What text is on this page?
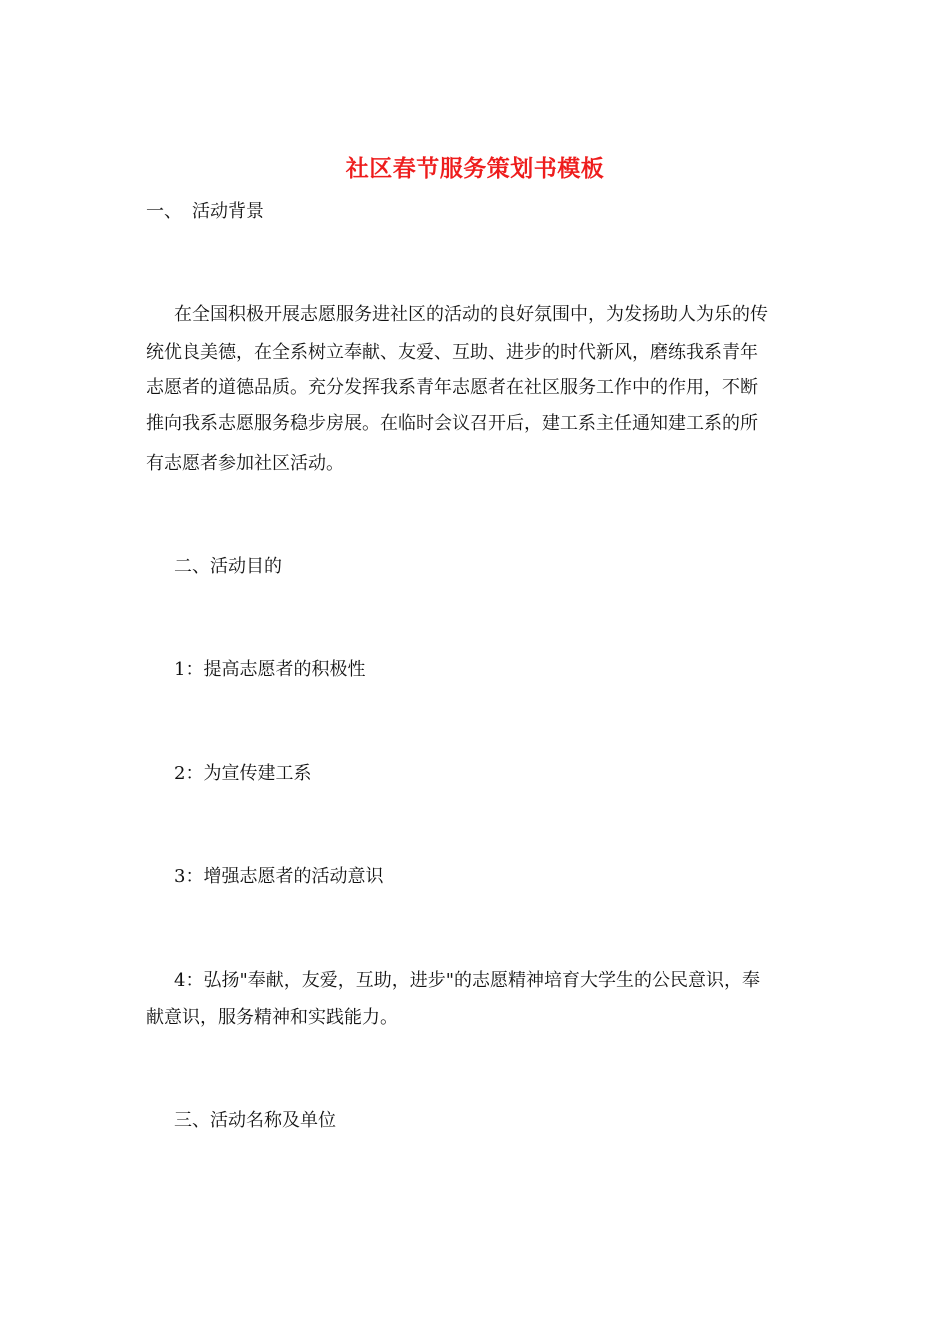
社区春节服务策划书模板
一、 活动背景
在全国积极开展志愿服务进社区的活动的良好氛围中，为发扬助人为乐的传
统优良美德，在全系树立奉献、友爱、互助、进步的时代新风，磨练我系青年
志愿者的道德品质。充分发挥我系青年志愿者在社区服务工作中的作用，不断
推向我系志愿服务稳步房展。在临时会议召开后，建工系主任通知建工系的所
有志愿者参加社区活动。
二、活动目的
1：提高志愿者的积极性
2：为宣传建工系
3：增强志愿者的活动意识
4：弘扬"奉献，友爱，互助，进步"的志愿精神培育大学生的公民意识，奉
献意识，服务精神和实践能力。
三、活动名称及单位
